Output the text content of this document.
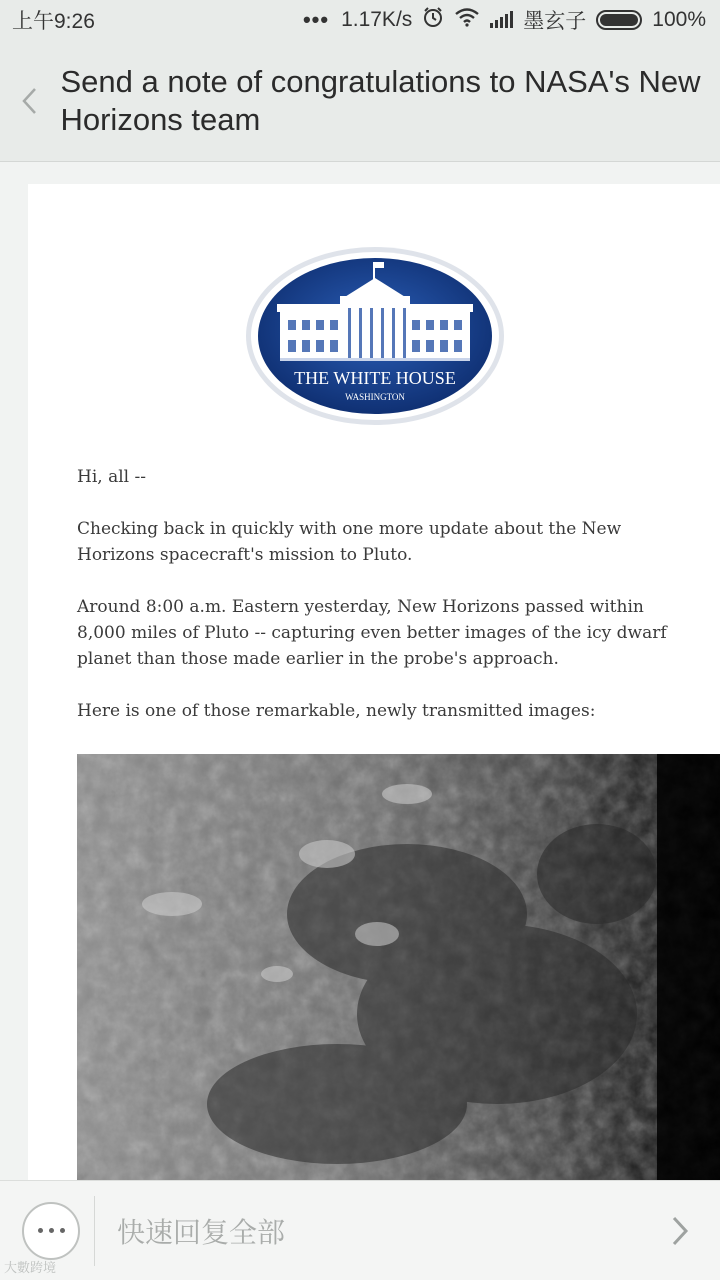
上午9:26	••• 1.17K/s	墨玄子	100%
Send a note of congratulations to NASA's New Horizons team
THE WHITE HOUSE
WASHINGTON

Hi, all --

Checking back in quickly with one more update about the New Horizons spacecraft's mission to Pluto.

Around 8:00 a.m. Eastern yesterday, New Horizons passed within 8,000 miles of Pluto -- capturing even better images of the icy dwarf planet than those made earlier in the probe's approach.

Here is one of those remarkable, newly transmitted images:

快速回复全部
大數跨境
